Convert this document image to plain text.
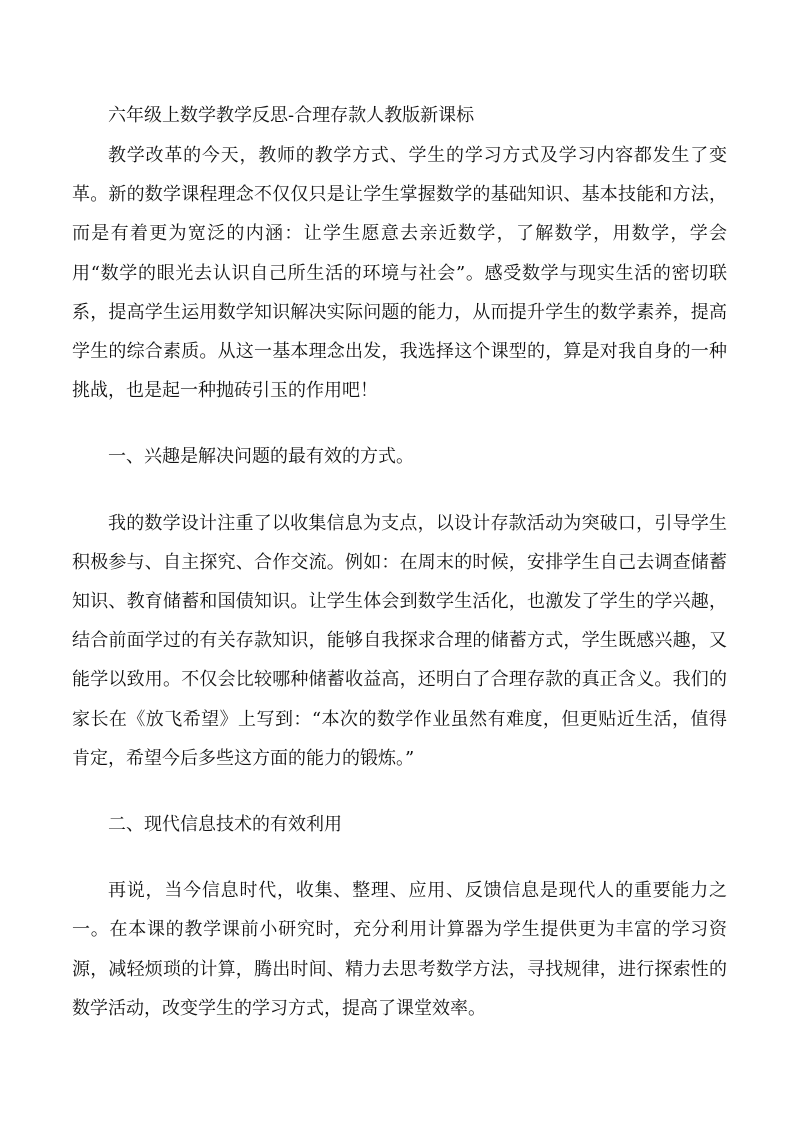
六年级上数学教学反思-合理存款人教版新课标

教学改革的今天，教师的教学方式、学生的学习方式及学习内容都发生了变革。新的数学课程理念不仅仅只是让学生掌握数学的基础知识、基本技能和方法，而是有着更为宽泛的内涵：让学生愿意去亲近数学，了解数学，用数学，学会用“数学的眼光去认识自己所生活的环境与社会”。感受数学与现实生活的密切联系，提高学生运用数学知识解决实际问题的能力，从而提升学生的数学素养，提高学生的综合素质。从这一基本理念出发，我选择这个课型的，算是对我自身的一种挑战，也是起一种抛砖引玉的作用吧！

一、兴趣是解决问题的最有效的方式。

我的数学设计注重了以收集信息为支点，以设计存款活动为突破口，引导学生积极参与、自主探究、合作交流。例如：在周末的时候，安排学生自己去调查储蓄知识、教育储蓄和国债知识。让学生体会到数学生活化，也激发了学生的学兴趣，结合前面学过的有关存款知识，能够自我探求合理的储蓄方式，学生既感兴趣，又能学以致用。不仅会比较哪种储蓄收益高，还明白了合理存款的真正含义。我们的家长在《放飞希望》上写到：“本次的数学作业虽然有难度，但更贴近生活，值得肯定，希望今后多些这方面的能力的锻炼。”

二、现代信息技术的有效利用

再说，当今信息时代，收集、整理、应用、反馈信息是现代人的重要能力之一。在本课的教学课前小研究时，充分利用计算器为学生提供更为丰富的学习资源，减轻烦琐的计算，腾出时间、精力去思考数学方法，寻找规律，进行探索性的数学活动，改变学生的学习方式，提高了课堂效率。
